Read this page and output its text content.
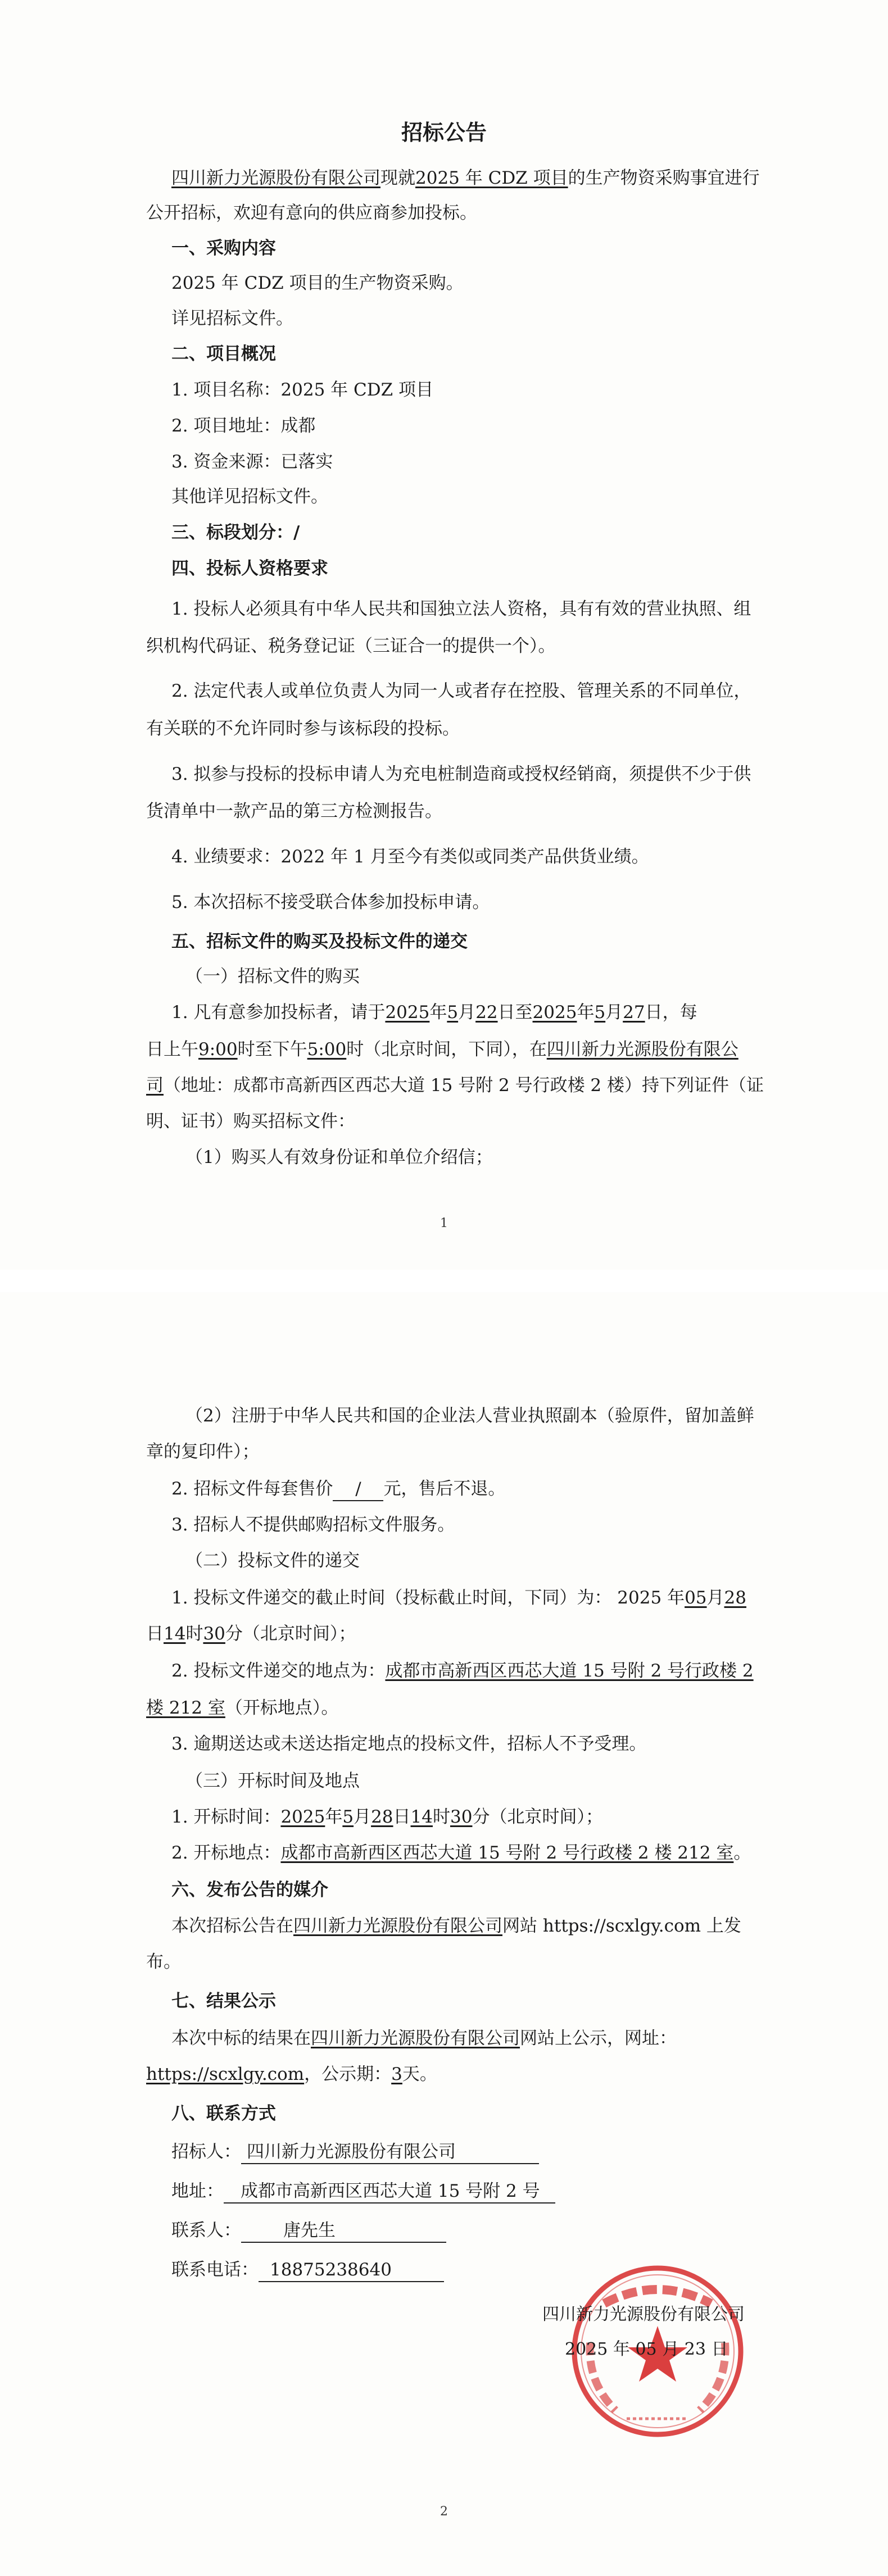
招标公告
四川新力光源股份有限公司现就2025 年 CDZ 项目的生产物资采购事宜进行
公开招标，欢迎有意向的供应商参加投标。
一、采购内容
2025 年 CDZ 项目的生产物资采购。
详见招标文件。
二、项目概况
1. 项目名称：2025 年 CDZ 项目
2. 项目地址：成都
3. 资金来源：已落实
其他详见招标文件。
三、标段划分：/
四、投标人资格要求
1. 投标人必须具有中华人民共和国独立法人资格，具有有效的营业执照、组
织机构代码证、税务登记证（三证合一的提供一个）。
2. 法定代表人或单位负责人为同一人或者存在控股、管理关系的不同单位，
有关联的不允许同时参与该标段的投标。
3. 拟参与投标的投标申请人为充电桩制造商或授权经销商，须提供不少于供
货清单中一款产品的第三方检测报告。
4. 业绩要求：2022 年 1 月至今有类似或同类产品供货业绩。
5. 本次招标不接受联合体参加投标申请。
五、招标文件的购买及投标文件的递交
（一）招标文件的购买
1. 凡有意参加投标者，请于2025年5月22日至2025年5月27日，每
日上午9:00时至下午5:00时（北京时间，下同），在四川新力光源股份有限公
司（地址：成都市高新西区西芯大道 15 号附 2 号行政楼 2 楼）持下列证件（证
明、证书）购买招标文件：
（1）购买人有效身份证和单位介绍信；
1
（2）注册于中华人民共和国的企业法人营业执照副本（验原件，留加盖鲜
章的复印件）；
2. 招标文件每套售价 / 元，售后不退。
3. 招标人不提供邮购招标文件服务。
（二）投标文件的递交
1. 投标文件递交的截止时间（投标截止时间，下同）为： 2025 年05月28
日14时30分（北京时间）；
2. 投标文件递交的地点为：成都市高新西区西芯大道 15 号附 2 号行政楼 2
楼 212 室（开标地点）。
3. 逾期送达或未送达指定地点的投标文件，招标人不予受理。
（三）开标时间及地点
1. 开标时间：2025年5月28日14时30分（北京时间）；
2. 开标地点：成都市高新西区西芯大道 15 号附 2 号行政楼 2 楼 212 室。
六、发布公告的媒介
本次招标公告在四川新力光源股份有限公司网站 https://scxlgy.com 上发
布。
七、结果公示
本次中标的结果在四川新力光源股份有限公司网站上公示，网址：
https://scxlgy.com，公示期：3天。
八、联系方式
招标人： 四川新力光源股份有限公司
地址： 成都市高新西区西芯大道 15 号附 2 号
联系人： 唐先生
联系电话： 18875238640
四川新力光源股份有限公司
2025 年 05 月 23 日
2
